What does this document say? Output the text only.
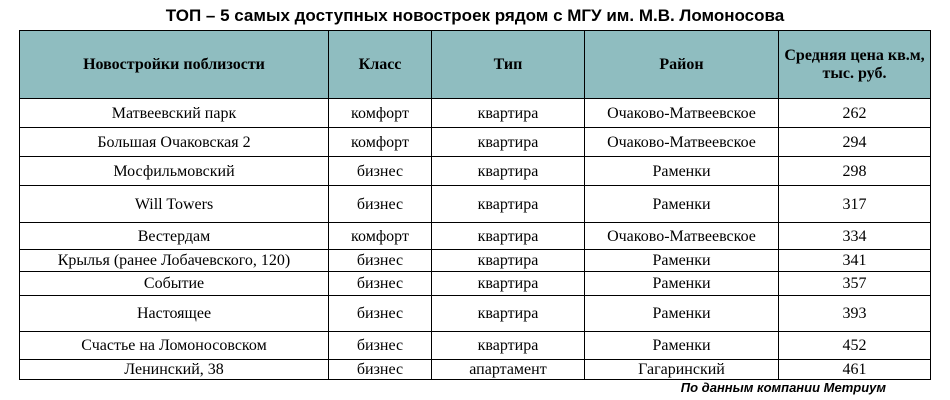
ТОП – 5 самых доступных новостроек рядом с МГУ им. М.В. Ломоносова
Новостройки поблизости	Класс	Тип	Район	Средняя цена кв.м, тыс. руб.
Матвеевский парк	комфорт	квартира	Очаково-Матвеевское	262
Большая Очаковская 2	комфорт	квартира	Очаково-Матвеевское	294
Мосфильмовский	бизнес	квартира	Раменки	298
Will Towers	бизнес	квартира	Раменки	317
Вестердам	комфорт	квартира	Очаково-Матвеевское	334
Крылья (ранее Лобачевского, 120)	бизнес	квартира	Раменки	341
Событие	бизнес	квартира	Раменки	357
Настоящее	бизнес	квартира	Раменки	393
Счастье на Ломоносовском	бизнес	квартира	Раменки	452
Ленинский, 38	бизнес	апартамент	Гагаринский	461
По данным компании Метриум
